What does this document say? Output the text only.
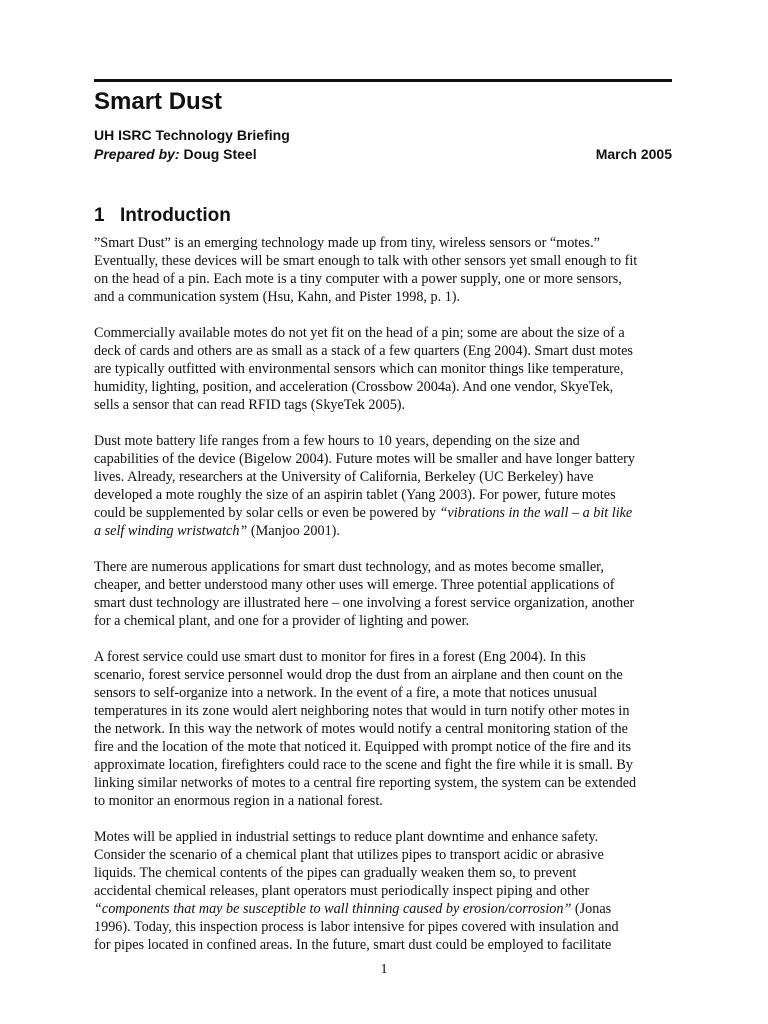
Smart Dust
UH ISRC Technology Briefing
Prepared by: Doug Steel	March 2005
1 Introduction

”Smart Dust” is an emerging technology made up from tiny, wireless sensors or “motes.”
Eventually, these devices will be smart enough to talk with other sensors yet small enough to fit
on the head of a pin. Each mote is a tiny computer with a power supply, one or more sensors,
and a communication system (Hsu, Kahn, and Pister 1998, p. 1).

Commercially available motes do not yet fit on the head of a pin; some are about the size of a
deck of cards and others are as small as a stack of a few quarters (Eng 2004). Smart dust motes
are typically outfitted with environmental sensors which can monitor things like temperature,
humidity, lighting, position, and acceleration (Crossbow 2004a). And one vendor, SkyeTek,
sells a sensor that can read RFID tags (SkyeTek 2005).

Dust mote battery life ranges from a few hours to 10 years, depending on the size and
capabilities of the device (Bigelow 2004). Future motes will be smaller and have longer battery
lives. Already, researchers at the University of California, Berkeley (UC Berkeley) have
developed a mote roughly the size of an aspirin tablet (Yang 2003). For power, future motes
could be supplemented by solar cells or even be powered by “vibrations in the wall – a bit like
a self winding wristwatch” (Manjoo 2001).

There are numerous applications for smart dust technology, and as motes become smaller,
cheaper, and better understood many other uses will emerge. Three potential applications of
smart dust technology are illustrated here – one involving a forest service organization, another
for a chemical plant, and one for a provider of lighting and power.

A forest service could use smart dust to monitor for fires in a forest (Eng 2004). In this
scenario, forest service personnel would drop the dust from an airplane and then count on the
sensors to self-organize into a network. In the event of a fire, a mote that notices unusual
temperatures in its zone would alert neighboring notes that would in turn notify other motes in
the network. In this way the network of motes would notify a central monitoring station of the
fire and the location of the mote that noticed it. Equipped with prompt notice of the fire and its
approximate location, firefighters could race to the scene and fight the fire while it is small. By
linking similar networks of motes to a central fire reporting system, the system can be extended
to monitor an enormous region in a national forest.

Motes will be applied in industrial settings to reduce plant downtime and enhance safety.
Consider the scenario of a chemical plant that utilizes pipes to transport acidic or abrasive
liquids. The chemical contents of the pipes can gradually weaken them so, to prevent
accidental chemical releases, plant operators must periodically inspect piping and other
“components that may be susceptible to wall thinning caused by erosion/corrosion” (Jonas
1996). Today, this inspection process is labor intensive for pipes covered with insulation and
for pipes located in confined areas. In the future, smart dust could be employed to facilitate

1
